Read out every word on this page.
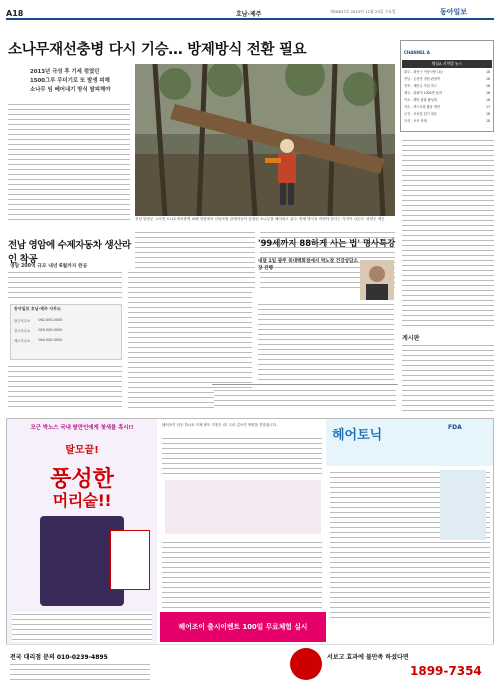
A18	호남·제주	제28637호 2015년 11월 23일 수요일	동아일보
소나무재선충병 다시 기승… 방제방식 전환 필요
2013년 극성 후 기세 꺾였던
1500그루 무더기로 또 발생 피해
소나무 임 베어내기 방식 탈피해야
전남 담양군 고서면 소나무재선충병 피해 현장에서 산림조합 관계자들이 감염된 소나무를 베어내고 있다. 방제 방식을 바꿔야 한다는 지적이 나온다. 담양군 제공
CHANNEL A
채널A 지역별 뉴스
광주 - 광산구 이웃사랑 나눔	18
전남 - 순천만 정원 관람객	18
전북 - 새만금 사업 속도	18
제주 - 관광객 1300만 돌파	18
목포 - 해양 관광 활성화	18
여수 - 엑스포장 활용 방안	17
군산 - 조선업 위기 대응	18
익산 - 보석 축제	18
게시판
전남 영암에 수제자동차 생산라인 착공
영암 200억 규모 내년 6월까지 완공
동아일보 호남·제주 사무소
광주사무소 062-000-0000
전주사무소 063-000-0000
제주사무소 064-000-0000
'99세까지 88하게 사는 법' 명사특강
내달 1일 광주 북대백화점에서 박노창 건강상담소장 진행
모근 박노스 국내 탈만인에게 첫새를 흑시!!
탈모끝!
풍성한
머리숱!!
헤어조이 샴푸 하나로 이제 탈모 걱정은 끝! 두피 깊숙이 영양을 전달합니다.
헤어조이 출시이벤트 100일 무료체험 실시
헤어토닉
FDA
전국 대리점 문의 010-0239-4895	서보고 효과에 불만족 하셨다면
1899-7354
